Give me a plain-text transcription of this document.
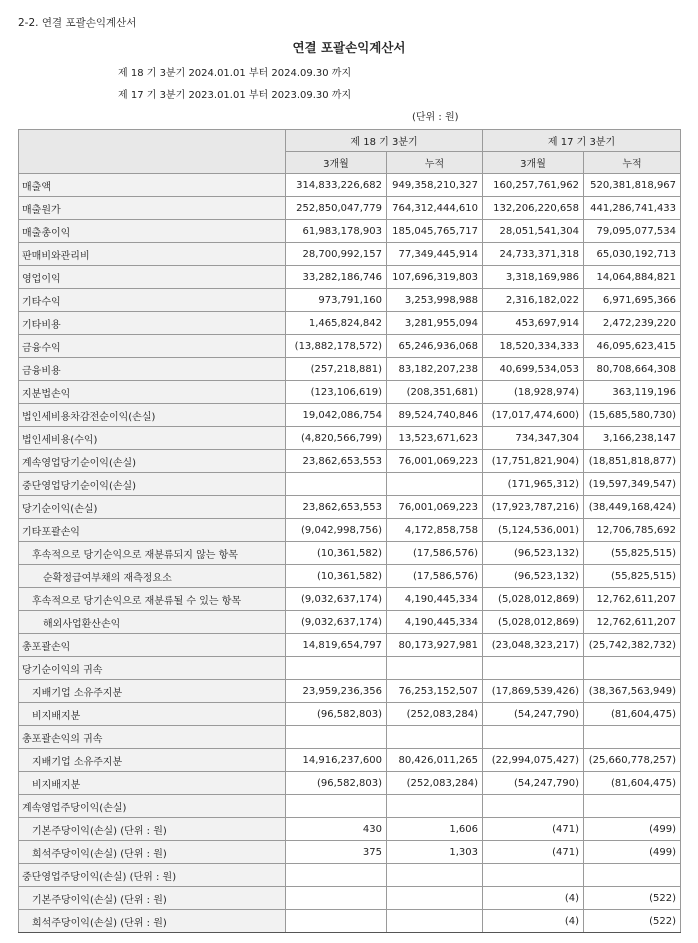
2-2. 연결 포괄손익계산서
연결 포괄손익계산서
제 18 기 3분기 2024.01.01 부터 2024.09.30 까지
제 17 기 3분기 2023.01.01 부터 2023.09.30 까지
(단위 : 원)
	제 18 기 3분기		제 17 기 3분기	
	3개월	누적	3개월	누적
매출액	314,833,226,682	949,358,210,327	160,257,761,962	520,381,818,967
매출원가	252,850,047,779	764,312,444,610	132,206,220,658	441,286,741,433
매출총이익	61,983,178,903	185,045,765,717	28,051,541,304	79,095,077,534
판매비와관리비	28,700,992,157	77,349,445,914	24,733,371,318	65,030,192,713
영업이익	33,282,186,746	107,696,319,803	3,318,169,986	14,064,884,821
기타수익	973,791,160	3,253,998,988	2,316,182,022	6,971,695,366
기타비용	1,465,824,842	3,281,955,094	453,697,914	2,472,239,220
금융수익	(13,882,178,572)	65,246,936,068	18,520,334,333	46,095,623,415
금융비용	(257,218,881)	83,182,207,238	40,699,534,053	80,708,664,308
지분법손익	(123,106,619)	(208,351,681)	(18,928,974)	363,119,196
법인세비용차감전순이익(손실)	19,042,086,754	89,524,740,846	(17,017,474,600)	(15,685,580,730)
법인세비용(수익)	(4,820,566,799)	13,523,671,623	734,347,304	3,166,238,147
계속영업당기순이익(손실)	23,862,653,553	76,001,069,223	(17,751,821,904)	(18,851,818,877)
중단영업당기순이익(손실)			(171,965,312)	(19,597,349,547)
당기순이익(손실)	23,862,653,553	76,001,069,223	(17,923,787,216)	(38,449,168,424)
기타포괄손익	(9,042,998,756)	4,172,858,758	(5,124,536,001)	12,706,785,692
후속적으로 당기순익으로 재분류되지 않는 항목	(10,361,582)	(17,586,576)	(96,523,132)	(55,825,515)
순확정급여부채의 재측정요소	(10,361,582)	(17,586,576)	(96,523,132)	(55,825,515)
후속적으로 당기손익으로 재분류될 수 있는 항목	(9,032,637,174)	4,190,445,334	(5,028,012,869)	12,762,611,207
해외사업환산손익	(9,032,637,174)	4,190,445,334	(5,028,012,869)	12,762,611,207
총포괄손익	14,819,654,797	80,173,927,981	(23,048,323,217)	(25,742,382,732)
당기순이익의 귀속				
지배기업 소유주지분	23,959,236,356	76,253,152,507	(17,869,539,426)	(38,367,563,949)
비지배지분	(96,582,803)	(252,083,284)	(54,247,790)	(81,604,475)
총포괄손익의 귀속				
지배기업 소유주지분	14,916,237,600	80,426,011,265	(22,994,075,427)	(25,660,778,257)
비지배지분	(96,582,803)	(252,083,284)	(54,247,790)	(81,604,475)
계속영업주당이익(손실)				
기본주당이익(손실) (단위 : 원)	430	1,606	(471)	(499)
희석주당이익(손실) (단위 : 원)	375	1,303	(471)	(499)
중단영업주당이익(손실) (단위 : 원)				
기본주당이익(손실) (단위 : 원)			(4)	(522)
희석주당이익(손실) (단위 : 원)			(4)	(522)
